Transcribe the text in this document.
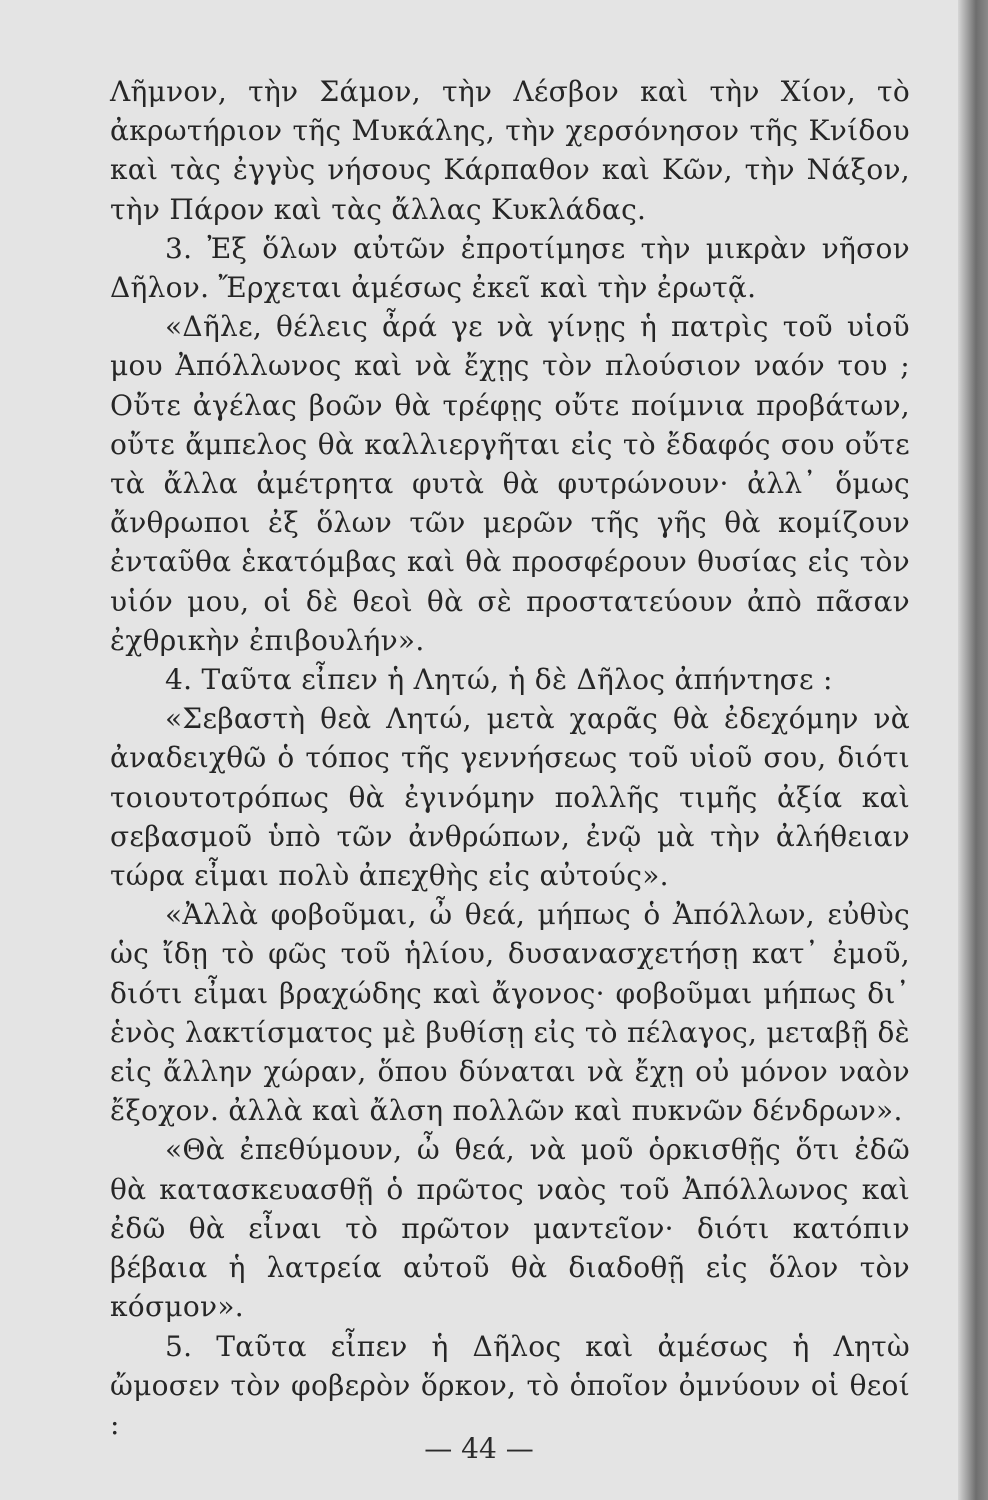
Λῆμνον, τὴν Σάμον, τὴν Λέσβον καὶ τὴν Χίον, τὸ ἀκρωτήριον τῆς Μυκάλης, τὴν χερσόνησον τῆς Κνίδου καὶ τὰς ἐγγὺς νήσους Κάρπαθον καὶ Κῶν, τὴν Νάξον, τὴν Πάρον καὶ τὰς ἄλλας Κυκλάδας.

3. Ἐξ ὅλων αὐτῶν ἐπροτίμησε τὴν μικρὰν νῆσον Δῆλον. Ἔρχεται ἀμέσως ἐκεῖ καὶ τὴν ἐρωτᾷ.

«Δῆλε, θέλεις ἆρά γε νὰ γίνῃς ἡ πατρὶς τοῦ υἱοῦ μου Ἀπόλλωνος καὶ νὰ ἔχῃς τὸν πλούσιον ναόν του ; Οὔτε ἀγέλας βοῶν θὰ τρέφῃς οὔτε ποίμνια προβάτων, οὔτε ἄμπελος θὰ καλλιεργῆται εἰς τὸ ἔδαφός σου οὔτε τὰ ἄλλα ἀμέτρητα φυτὰ θὰ φυτρώνουν· ἀλλ᾽ ὅμως ἄνθρωποι ἐξ ὅλων τῶν μερῶν τῆς γῆς θὰ κομίζουν ἐνταῦθα ἑκατόμβας καὶ θὰ προσφέρουν θυσίας εἰς τὸν υἱόν μου, οἱ δὲ θεοὶ θὰ σὲ προστατεύουν ἀπὸ πᾶσαν ἐχθρικὴν ἐπιβουλήν».

4. Ταῦτα εἶπεν ἡ Λητώ, ἡ δὲ Δῆλος ἀπήντησε :

«Σεβαστὴ θεὰ Λητώ, μετὰ χαρᾶς θὰ ἐδεχόμην νὰ ἀναδειχθῶ ὁ τόπος τῆς γεννήσεως τοῦ υἱοῦ σου, διότι τοιουτοτρόπως θὰ ἐγινόμην πολλῆς τιμῆς ἀξία καὶ σεβασμοῦ ὑπὸ τῶν ἀνθρώπων, ἐνῷ μὰ τὴν ἀλήθειαν τώρα εἶμαι πολὺ ἀπεχθὴς εἰς αὐτούς».

«Ἀλλὰ φοβοῦμαι, ὦ θεά, μήπως ὁ Ἀπόλλων, εὐθὺς ὡς ἴδῃ τὸ φῶς τοῦ ἡλίου, δυσανασχετήσῃ κατ᾽ ἐμοῦ, διότι εἶμαι βραχώδης καὶ ἄγονος· φοβοῦμαι μήπως δι᾽ ἑνὸς λακτίσματος μὲ βυθίσῃ εἰς τὸ πέλαγος, μεταβῇ δὲ εἰς ἄλλην χώραν, ὅπου δύναται νὰ ἔχῃ οὐ μόνον ναὸν ἔξοχον. ἀλλὰ καὶ ἄλση πολλῶν καὶ πυκνῶν δένδρων».

«Θὰ ἐπεθύμουν, ὦ θεά, νὰ μοῦ ὁρκισθῇς ὅτι ἐδῶ θὰ κατασκευασθῇ ὁ πρῶτος ναὸς τοῦ Ἀπόλλωνος καὶ ἐδῶ θὰ εἶναι τὸ πρῶτον μαντεῖον· διότι κατόπιν βέβαια ἡ λατρεία αὐτοῦ θὰ διαδοθῇ εἰς ὅλον τὸν κόσμον».

5. Ταῦτα εἶπεν ἡ Δῆλος καὶ ἀμέσως ἡ Λητὼ ὤμοσεν τὸν φοβερὸν ὅρκον, τὸ ὁποῖον ὀμνύουν οἱ θεοί :

— 44 —
